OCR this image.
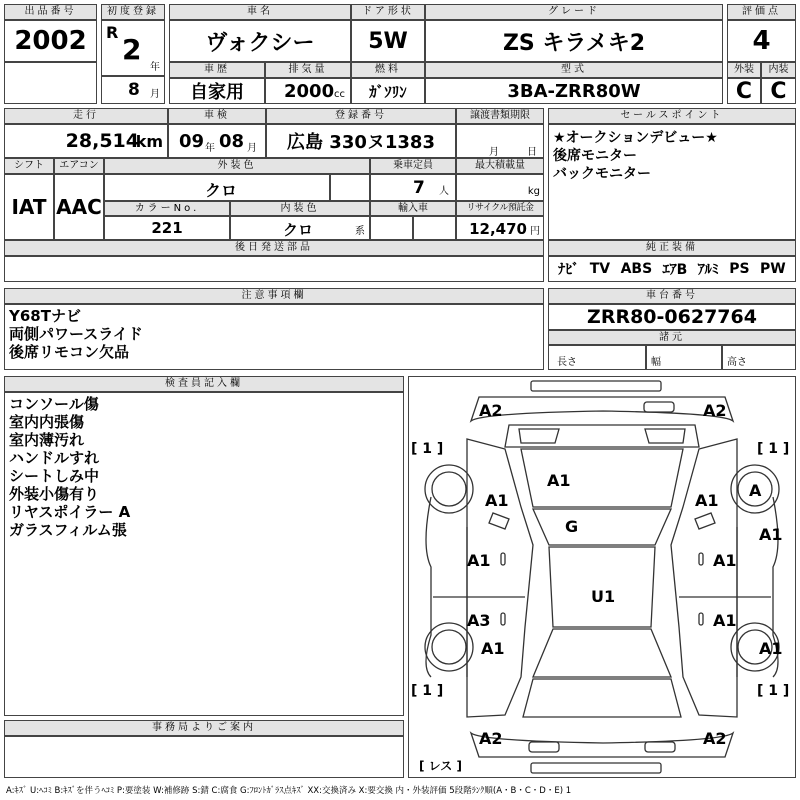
出品番号
2002
初度登録
R
2
年
8 月
車名
ヴォクシー
ドア形状
5W
グレード
ZS キラメキ2
評価点
4
車歴
自家用
排気量
2000 cc
燃料
ｶﾞｿﾘﾝ
型式
3BA-ZRR80W
外装
C
内装
C
走行
28,514
km
車検
09 年 08 月
登録番号
広島 330ヌ1383
譲渡書類期限
月	日
シフト
IAT
エアコン
AAC
外装色
クロ
乗車定員
7 人
最大積載量
kg
カラーNo.
221
内装色
クロ	系
輸入車	リサイクル預託金
12,470 円
後日発送部品
セールスポイント
★オークションデビュー★
後席モニター
バックモニター
純正装備
ﾅﾋﾞ TV ABS ｴｱB ｱﾙﾐ PS PW
注意事項欄
Y68Tナビ
両側パワースライド
後席リモコン欠品
車台番号
ZRR80-0627764
諸元
長さ	幅	高さ
検査員記入欄
コンソール傷
室内内張傷
室内薄汚れ
ハンドルすれ
シートしみ中
外装小傷有り
リヤスポイラー A
ガラスフィルム張
事務局よりご案内
A2	A2
A1
G
U1
A1	A1
A
A1
A1	A1
A3	A1
A1	A1
A2	A2
[ 1 ]	[ 1 ]
[ 1 ]	[ 1 ]
[ レス ]
A:ｷｽﾞ U:ﾍｺﾐ B:ｷｽﾞを伴うﾍｺﾐ P:要塗装 W:補修跡 S:錆 C:腐食 G:ﾌﾛﾝﾄｶﾞﾗｽ点ｷｽﾞ XX:交換済み X:要交換 内・外装評価 5段階ﾗﾝｸ順(A・B・C・D・E) 1
